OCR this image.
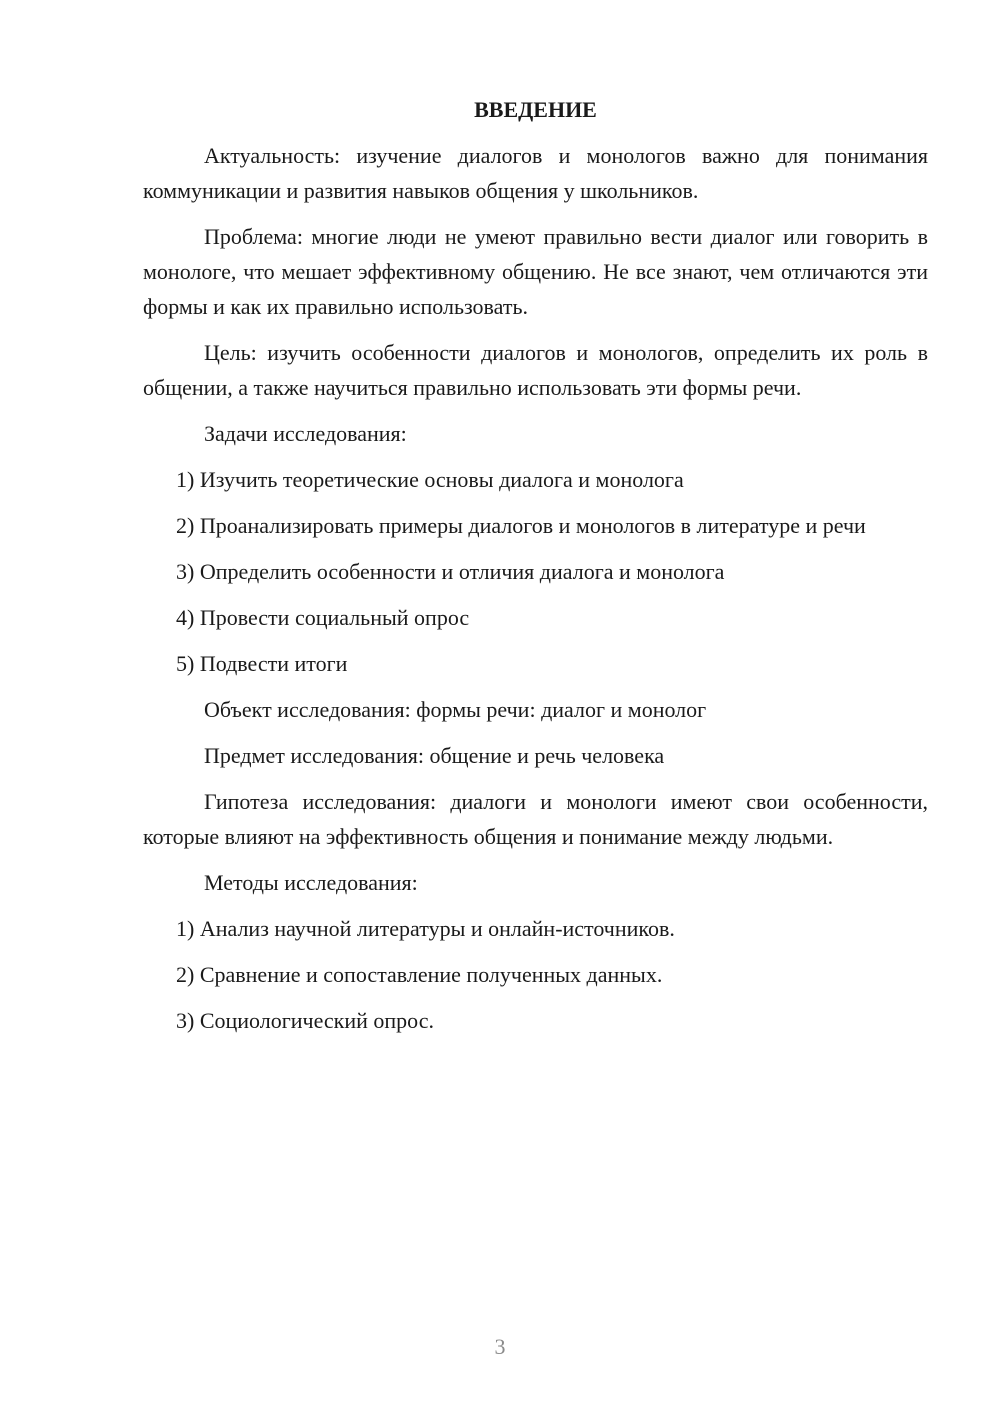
ВВЕДЕНИЕ
Актуальность: изучение диалогов и монологов важно для понимания коммуникации и развития навыков общения у школьников.
Проблема: многие люди не умеют правильно вести диалог или говорить в монологе, что мешает эффективному общению. Не все знают, чем отличаются эти формы и как их правильно использовать.
Цель: изучить особенности диалогов и монологов, определить их роль в общении, а также научиться правильно использовать эти формы речи.
Задачи исследования:
1) Изучить теоретические основы диалога и монолога
2) Проанализировать примеры диалогов и монологов в литературе и речи
3) Определить особенности и отличия диалога и монолога
4) Провести социальный опрос
5) Подвести итоги
Объект исследования: формы речи: диалог и монолог
Предмет исследования: общение и речь человека
Гипотеза исследования: диалоги и монологи имеют свои особенности, которые влияют на эффективность общения и понимание между людьми.
Методы исследования:
1) Анализ научной литературы и онлайн-источников.
2) Сравнение и сопоставление полученных данных.
3) Социологический опрос.
3
